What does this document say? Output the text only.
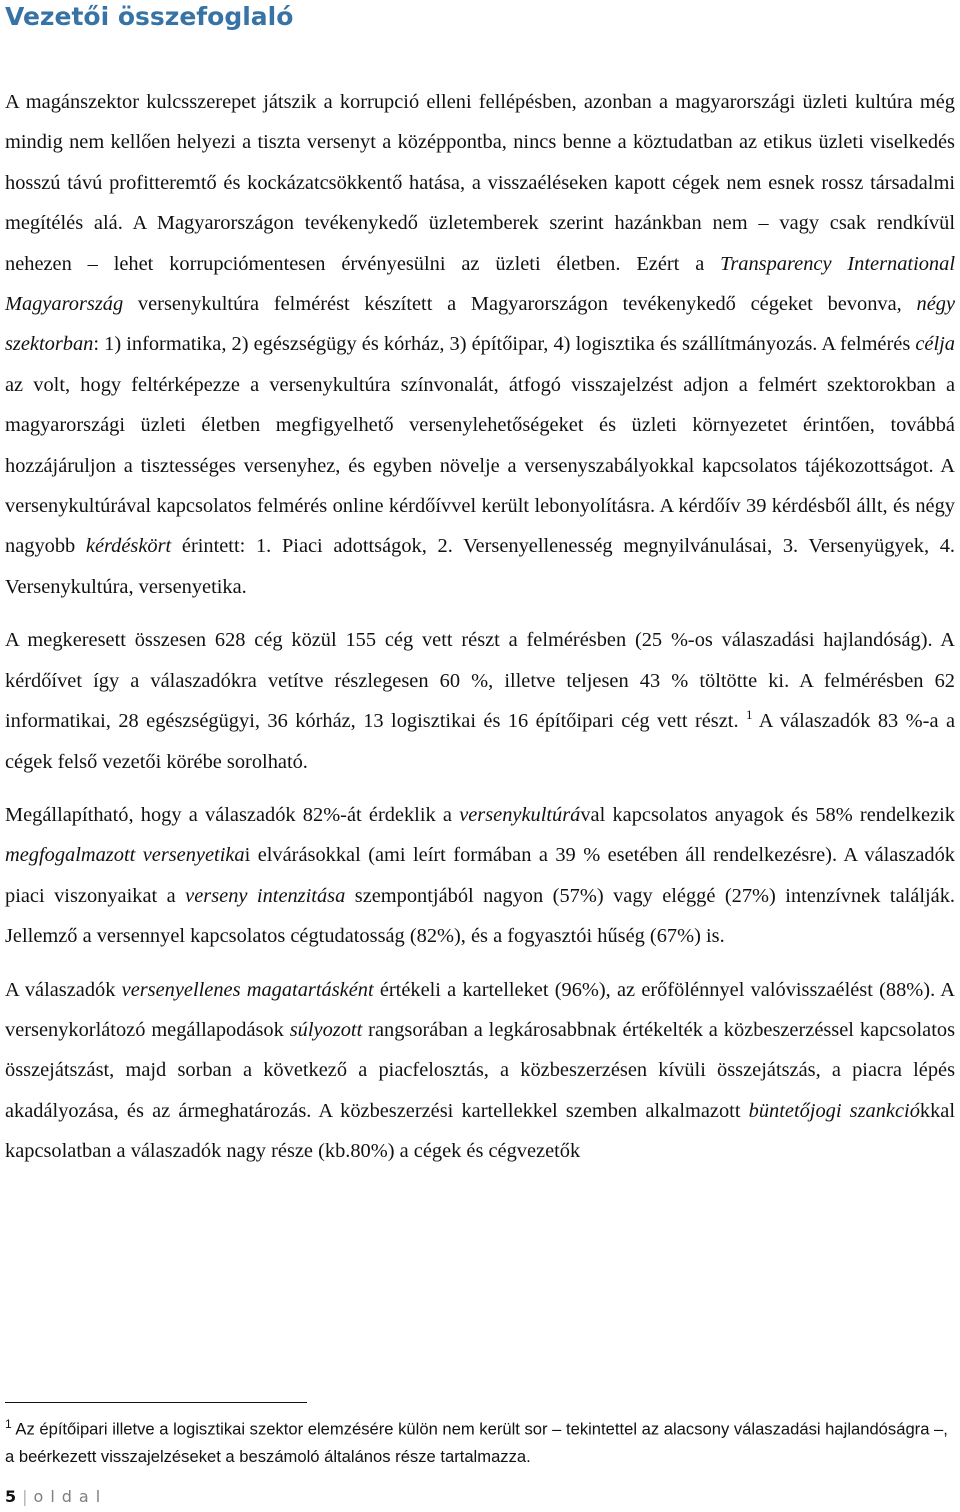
Vezetői összefoglaló

A magánszektor kulcsszerepet játszik a korrupció elleni fellépésben, azonban a magyarországi üzleti kultúra még mindig nem kellően helyezi a tiszta versenyt a középpontba, nincs benne a köztudatban az etikus üzleti viselkedés hosszú távú profitteremtő és kockázatcsökkentő hatása, a visszaéléseken kapott cégek nem esnek rossz társadalmi megítélés alá. A Magyarországon tevékenykedő üzletemberek szerint hazánkban nem – vagy csak rendkívül nehezen – lehet korrupciómentesen érvényesülni az üzleti életben. Ezért a Transparency International Magyarország versenykultúra felmérést készített a Magyarországon tevékenykedő cégeket bevonva, négy szektorban: 1) informatika, 2) egészségügy és kórház, 3) építőipar, 4) logisztika és szállítmányozás. A felmérés célja az volt, hogy feltérképezze a versenykultúra színvonalát, átfogó visszajelzést adjon a felmért szektorokban a magyarországi üzleti életben megfigyelhető versenylehetőségeket és üzleti környezetet érintően, továbbá hozzájáruljon a tisztességes versenyhez, és egyben növelje a versenyszabályokkal kapcsolatos tájékozottságot. A versenykultúrával kapcsolatos felmérés online kérdőívvel került lebonyolításra. A kérdőív 39 kérdésből állt, és négy nagyobb kérdéskört érintett: 1. Piaci adottságok, 2. Versenyellenesség megnyilvánulásai, 3. Versenyügyek, 4. Versenykultúra, versenyetika.

A megkeresett összesen 628 cég közül 155 cég vett részt a felmérésben (25 %-os válaszadási hajlandóság). A kérdőívet így a válaszadókra vetítve részlegesen 60 %, illetve teljesen 43 % töltötte ki. A felmérésben 62 informatikai, 28 egészségügyi, 36 kórház, 13 logisztikai és 16 építőipari cég vett részt. $^1$ A válaszadók 83 %-a a cégek felső vezetői körébe sorolható.

Megállapítható, hogy a válaszadók 82%-át érdeklik a versenykultúrával kapcsolatos anyagok és 58% rendelkezik megfogalmazott versenyetikai elvárásokkal (ami leírt formában a 39 % esetében áll rendelkezésre). A válaszadók piaci viszonyaikat a verseny intenzitása szempontjából nagyon (57%) vagy eléggé (27%) intenzívnek találják. Jellemző a versennyel kapcsolatos cégtudatosság (82%), és a fogyasztói hűség (67%) is.

A válaszadók versenyellenes magatartásként értékeli a kartelleket (96%), az erőfölénnyel valóvisszaélést (88%). A versenykorlátozó megállapodások súlyozott rangsorában a legkárosabbnak értékelték a közbeszerzéssel kapcsolatos összejátszást, majd sorban a következő a piacfelosztás, a közbeszerzésen kívüli összejátszás, a piacra lépés akadályozása, és az ármeghatározás. A közbeszerzési kartellekkel szemben alkalmazott büntetőjogi szankciókkal kapcsolatban a válaszadók nagy része (kb.80%) a cégek és cégvezetők

$^1$ Az építőipari illetve a logisztikai szektor elemzésére külön nem került sor – tekintettel az alacsony válaszadási hajlandóságra –, a beérkezett visszajelzéseket a beszámoló általános része tartalmazza.

5 | oldal
